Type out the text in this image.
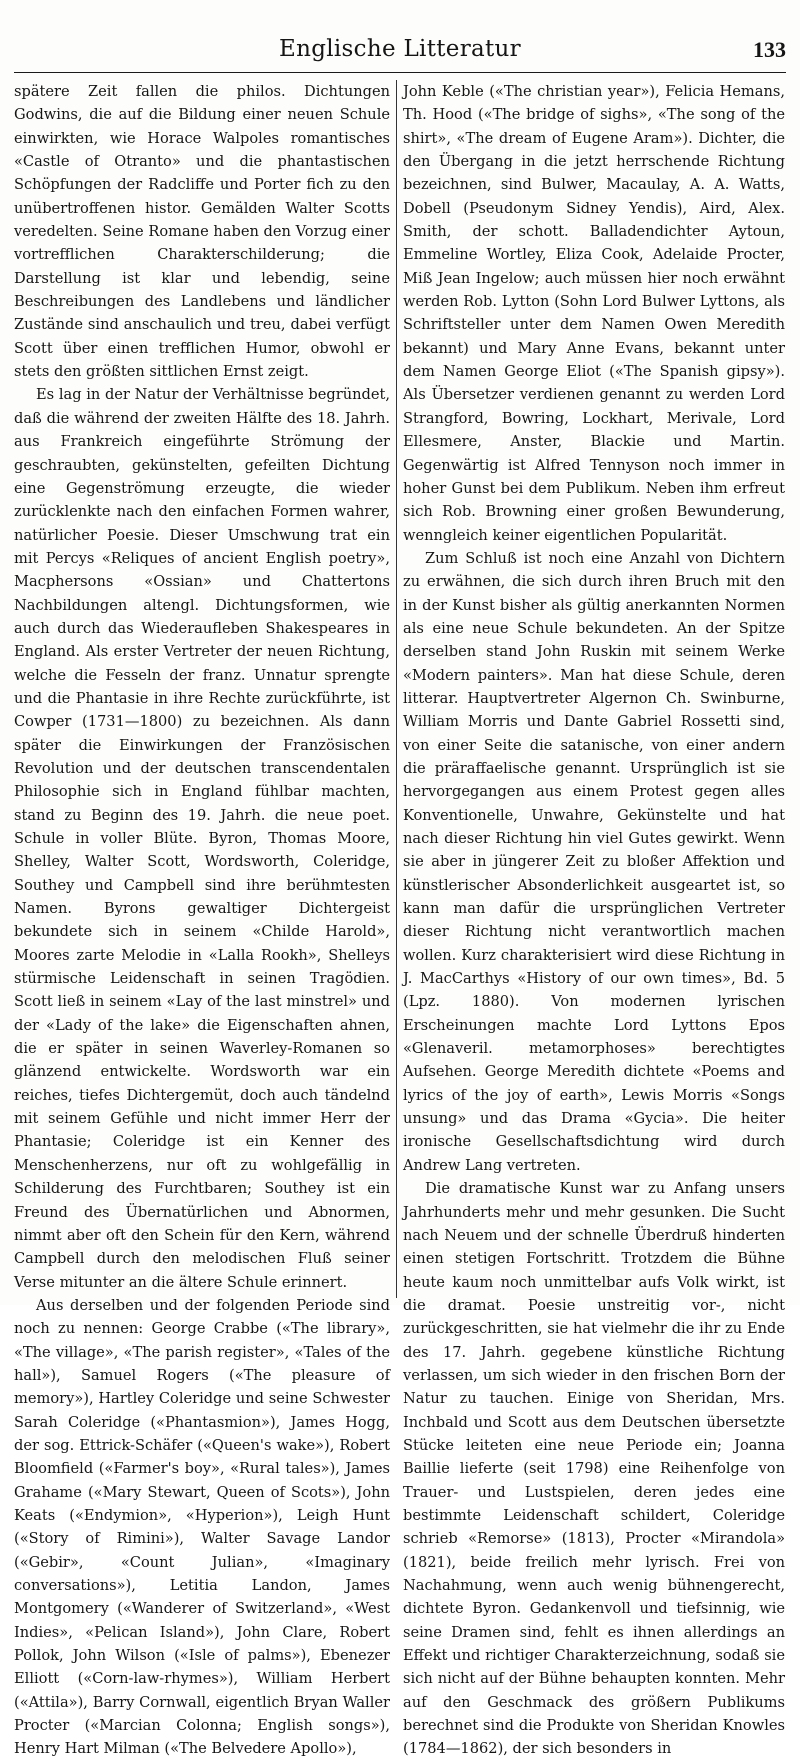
Englische Litteratur	133

spätere Zeit fallen die philos. Dichtungen Godwins, die auf die Bildung einer neuen Schule einwirkten, wie Horace Walpoles romantisches «Castle of Otranto» und die phantastischen Schöpfungen der Radcliffe und Porter fich zu den unübertroffenen histor. Gemälden Walter Scotts veredelten. Seine Romane haben den Vorzug einer vortrefflichen Charakterschilderung; die Darstellung ist klar und lebendig, seine Beschreibungen des Landlebens und ländlicher Zustände sind anschaulich und treu, dabei verfügt Scott über einen trefflichen Humor, obwohl er stets den größten sittlichen Ernst zeigt.

Es lag in der Natur der Verhältnisse begründet, daß die während der zweiten Hälfte des 18. Jahrh. aus Frankreich eingeführte Strömung der geschraubten, gekünstelten, gefeilten Dichtung eine Gegenströmung erzeugte, die wieder zurücklenkte nach den einfachen Formen wahrer, natürlicher Poesie. Dieser Umschwung trat ein mit Percys «Reliques of ancient English poetry», Macphersons «Ossian» und Chattertons Nachbildungen altengl. Dichtungsformen, wie auch durch das Wiederaufleben Shakespeares in England. Als erster Vertreter der neuen Richtung, welche die Fesseln der franz. Unnatur sprengte und die Phantasie in ihre Rechte zurückführte, ist Cowper (1731—1800) zu bezeichnen. Als dann später die Einwirkungen der Französischen Revolution und der deutschen transcendentalen Philosophie sich in England fühlbar machten, stand zu Beginn des 19. Jahrh. die neue poet. Schule in voller Blüte. Byron, Thomas Moore, Shelley, Walter Scott, Wordsworth, Coleridge, Southey und Campbell sind ihre berühmtesten Namen. Byrons gewaltiger Dichtergeist bekundete sich in seinem «Childe Harold», Moores zarte Melodie in «Lalla Rookh», Shelleys stürmische Leidenschaft in seinen Tragödien. Scott ließ in seinem «Lay of the last minstrel» und der «Lady of the lake» die Eigenschaften ahnen, die er später in seinen Waverley-Romanen so glänzend entwickelte. Wordsworth war ein reiches, tiefes Dichtergemüt, doch auch tändelnd mit seinem Gefühle und nicht immer Herr der Phantasie; Coleridge ist ein Kenner des Menschenherzens, nur oft zu wohlgefällig in Schilderung des Furchtbaren; Southey ist ein Freund des Übernatürlichen und Abnormen, nimmt aber oft den Schein für den Kern, während Campbell durch den melodischen Fluß seiner Verse mitunter an die ältere Schule erinnert.

Aus derselben und der folgenden Periode sind noch zu nennen: George Crabbe («The library», «The village», «The parish register», «Tales of the hall»), Samuel Rogers («The pleasure of memory»), Hartley Coleridge und seine Schwester Sarah Coleridge («Phantasmion»), James Hogg, der sog. Ettrick-Schäfer («Queen's wake»), Robert Bloomfield («Farmer's boy», «Rural tales»), James Grahame («Mary Stewart, Queen of Scots»), John Keats («Endymion», «Hyperion»), Leigh Hunt («Story of Rimini»), Walter Savage Landor («Gebir», «Count Julian», «Imaginary conversations»), Letitia Landon, James Montgomery («Wanderer of Switzerland», «West Indies», «Pelican Island»), John Clare, Robert Pollok, John Wilson («Isle of palms»), Ebenezer Elliott («Corn-law-rhymes»), William Herbert («Attila»), Barry Cornwall, eigentlich Bryan Waller Procter («Marcian Colonna; English songs»), Henry Hart Milman («The Belvedere Apollo»),

John Keble («The christian year»), Felicia Hemans, Th. Hood («The bridge of sighs», «The song of the shirt», «The dream of Eugene Aram»). Dichter, die den Übergang in die jetzt herrschende Richtung bezeichnen, sind Bulwer, Macaulay, A. A. Watts, Dobell (Pseudonym Sidney Yendis), Aird, Alex. Smith, der schott. Balladendichter Aytoun, Emmeline Wortley, Eliza Cook, Adelaide Procter, Miß Jean Ingelow; auch müssen hier noch erwähnt werden Rob. Lytton (Sohn Lord Bulwer Lyttons, als Schriftsteller unter dem Namen Owen Meredith bekannt) und Mary Anne Evans, bekannt unter dem Namen George Eliot («The Spanish gipsy»). Als Übersetzer verdienen genannt zu werden Lord Strangford, Bowring, Lockhart, Merivale, Lord Ellesmere, Anster, Blackie und Martin. Gegenwärtig ist Alfred Tennyson noch immer in hoher Gunst bei dem Publikum. Neben ihm erfreut sich Rob. Browning einer großen Bewunderung, wenngleich keiner eigentlichen Popularität.

Zum Schluß ist noch eine Anzahl von Dichtern zu erwähnen, die sich durch ihren Bruch mit den in der Kunst bisher als gültig anerkannten Normen als eine neue Schule bekundeten. An der Spitze derselben stand John Ruskin mit seinem Werke «Modern painters». Man hat diese Schule, deren litterar. Hauptvertreter Algernon Ch. Swinburne, William Morris und Dante Gabriel Rossetti sind, von einer Seite die satanische, von einer andern die präraffaelische genannt. Ursprünglich ist sie hervorgegangen aus einem Protest gegen alles Konventionelle, Unwahre, Gekünstelte und hat nach dieser Richtung hin viel Gutes gewirkt. Wenn sie aber in jüngerer Zeit zu bloßer Affektion und künstlerischer Absonderlichkeit ausgeartet ist, so kann man dafür die ursprünglichen Vertreter dieser Richtung nicht verantwortlich machen wollen. Kurz charakterisiert wird diese Richtung in J. MacCarthys «History of our own times», Bd. 5 (Lpz. 1880). Von modernen lyrischen Erscheinungen machte Lord Lyttons Epos «Glenaveril. metamorphoses» berechtigtes Aufsehen. George Meredith dichtete «Poems and lyrics of the joy of earth», Lewis Morris «Songs unsung» und das Drama «Gycia». Die heiter ironische Gesellschaftsdichtung wird durch Andrew Lang vertreten.

Die dramatische Kunst war zu Anfang unsers Jahrhunderts mehr und mehr gesunken. Die Sucht nach Neuem und der schnelle Überdruß hinderten einen stetigen Fortschritt. Trotzdem die Bühne heute kaum noch unmittelbar aufs Volk wirkt, ist die dramat. Poesie unstreitig vor-, nicht zurückgeschritten, sie hat vielmehr die ihr zu Ende des 17. Jahrh. gegebene künstliche Richtung verlassen, um sich wieder in den frischen Born der Natur zu tauchen. Einige von Sheridan, Mrs. Inchbald und Scott aus dem Deutschen übersetzte Stücke leiteten eine neue Periode ein; Joanna Baillie lieferte (seit 1798) eine Reihenfolge von Trauer- und Lustspielen, deren jedes eine bestimmte Leidenschaft schildert, Coleridge schrieb «Remorse» (1813), Procter «Mirandola» (1821), beide freilich mehr lyrisch. Frei von Nachahmung, wenn auch wenig bühnengerecht, dichtete Byron. Gedankenvoll und tiefsinnig, wie seine Dramen sind, fehlt es ihnen allerdings an Effekt und richtiger Charakterzeichnung, sodaß sie sich nicht auf der Bühne behaupten konnten. Mehr auf den Geschmack des größern Publikums berechnet sind die Produkte von Sheridan Knowles (1784—1862), der sich besonders in
